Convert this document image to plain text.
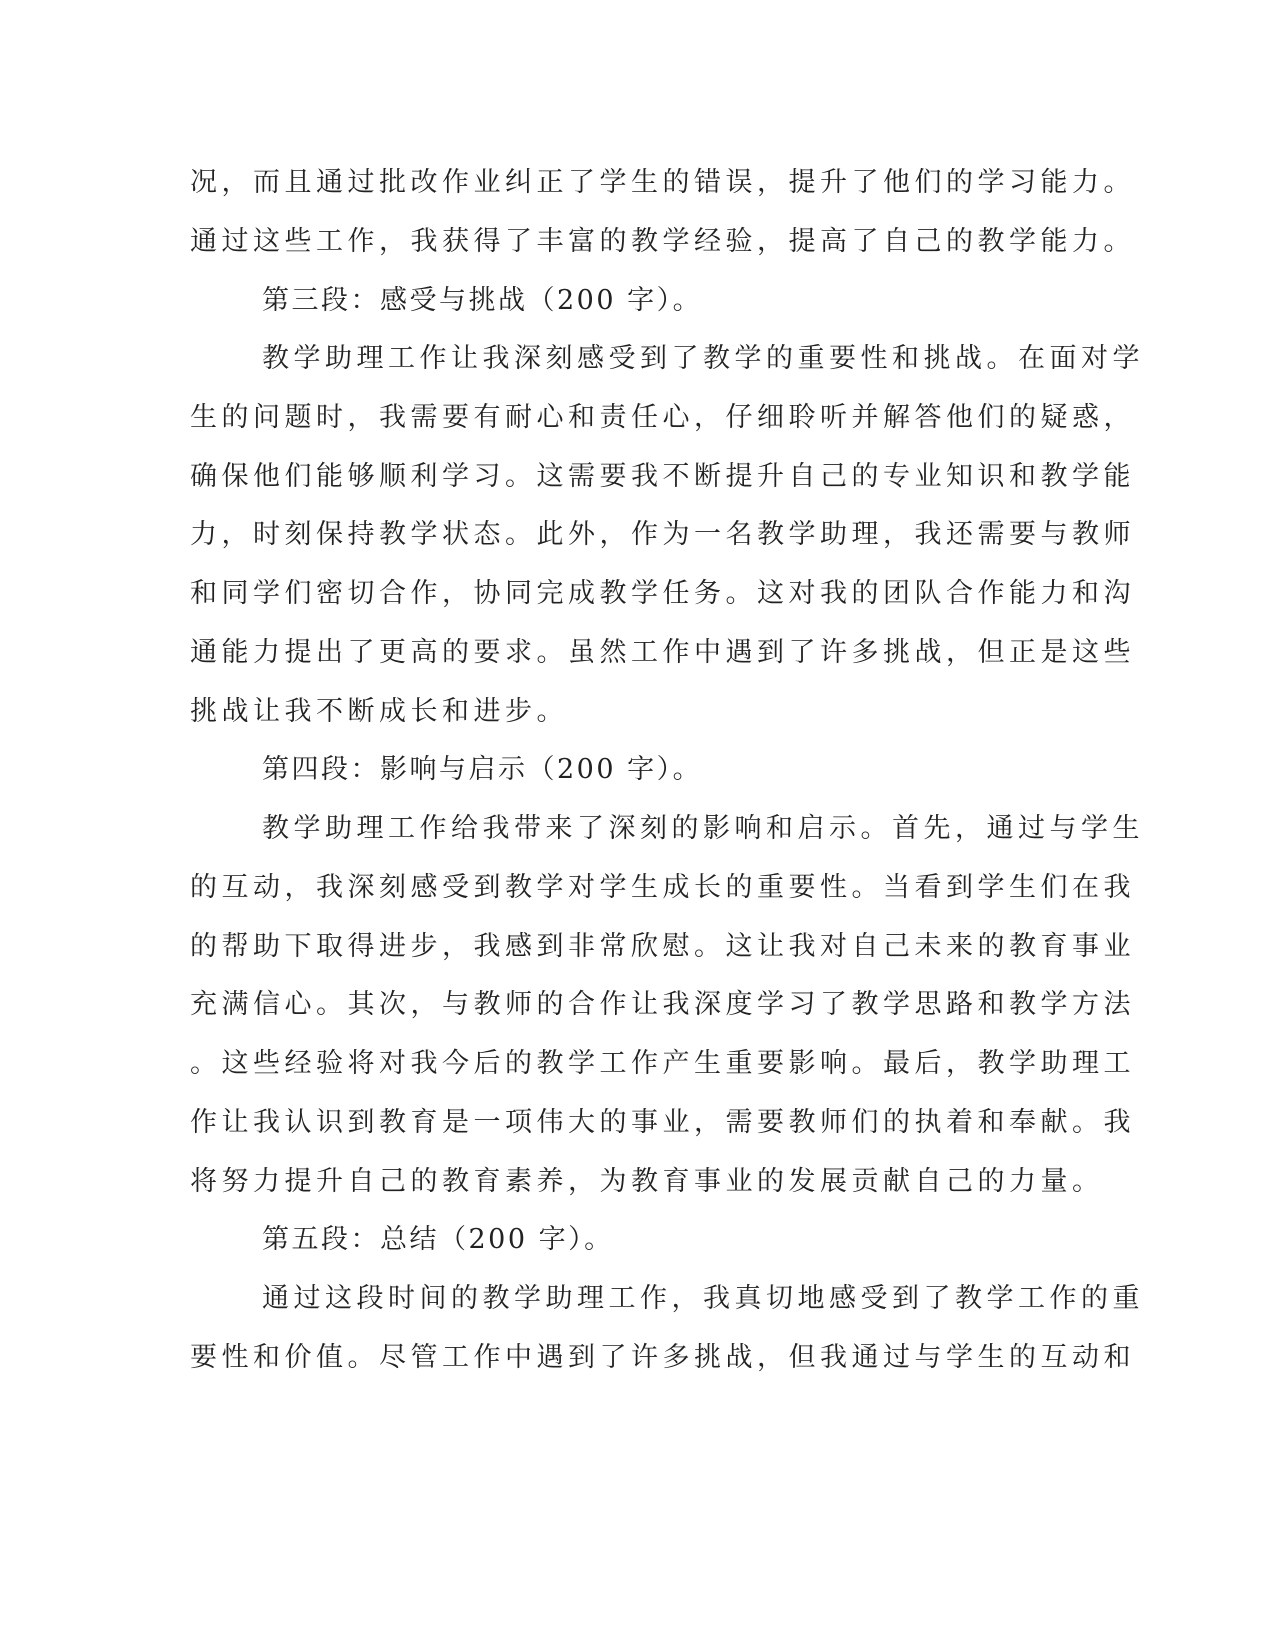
况，而且通过批改作业纠正了学生的错误，提升了他们的学习能力。
通过这些工作，我获得了丰富的教学经验，提高了自己的教学能力。
第三段：感受与挑战（200 字）。
教学助理工作让我深刻感受到了教学的重要性和挑战。在面对学
生的问题时，我需要有耐心和责任心，仔细聆听并解答他们的疑惑，
确保他们能够顺利学习。这需要我不断提升自己的专业知识和教学能
力，时刻保持教学状态。此外，作为一名教学助理，我还需要与教师
和同学们密切合作，协同完成教学任务。这对我的团队合作能力和沟
通能力提出了更高的要求。虽然工作中遇到了许多挑战，但正是这些
挑战让我不断成长和进步。
第四段：影响与启示（200 字）。
教学助理工作给我带来了深刻的影响和启示。首先，通过与学生
的互动，我深刻感受到教学对学生成长的重要性。当看到学生们在我
的帮助下取得进步，我感到非常欣慰。这让我对自己未来的教育事业
充满信心。其次，与教师的合作让我深度学习了教学思路和教学方法
。这些经验将对我今后的教学工作产生重要影响。最后，教学助理工
作让我认识到教育是一项伟大的事业，需要教师们的执着和奉献。我
将努力提升自己的教育素养，为教育事业的发展贡献自己的力量。
第五段：总结（200 字）。
通过这段时间的教学助理工作，我真切地感受到了教学工作的重
要性和价值。尽管工作中遇到了许多挑战，但我通过与学生的互动和
